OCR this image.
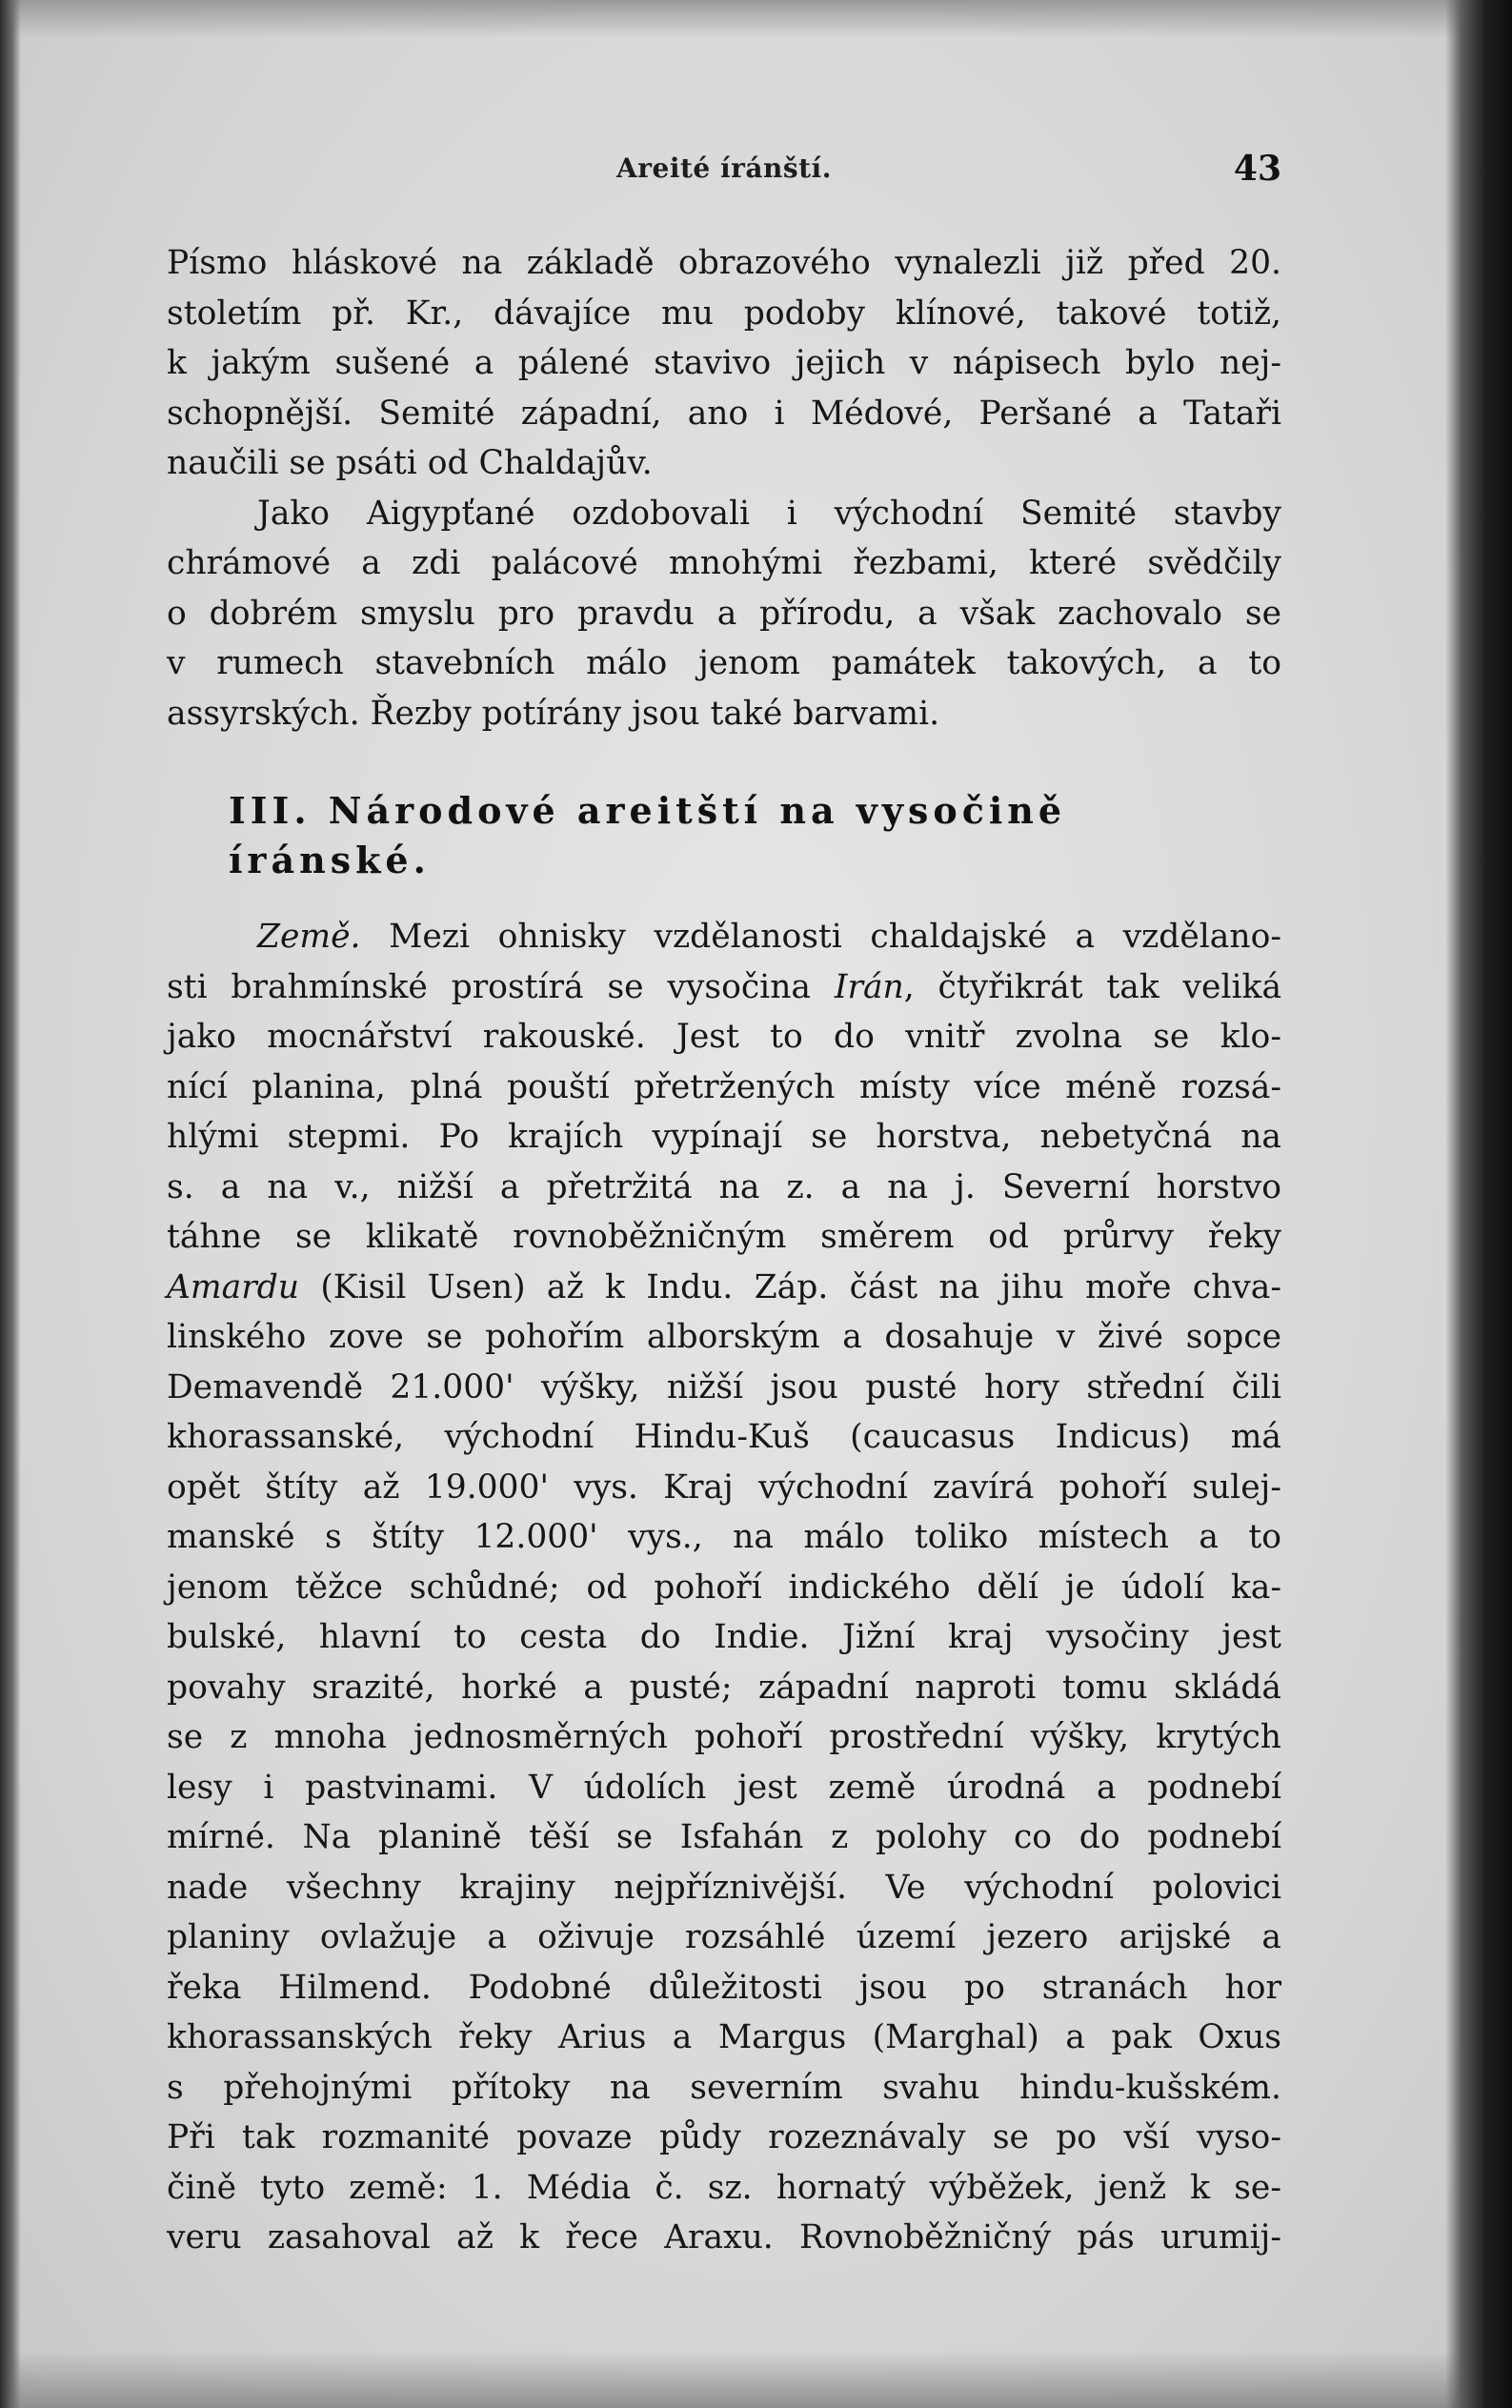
Areité íránští.	43
Písmo hláskové na základě obrazového vynalezli již před 20.
stoletím př. Kr., dávajíce mu podoby klínové, takové totiž,
k jakým sušené a pálené stavivo jejich v nápisech bylo nej-
schopnější. Semité západní, ano i Médové, Peršané a Tataři
naučili se psáti od Chaldajův.
Jako Aigypťané ozdobovali i východní Semité stavby
chrámové a zdi palácové mnohými řezbami, které svědčily
o dobrém smyslu pro pravdu a přírodu, a však zachovalo se
v rumech stavebních málo jenom památek takových, a to
assyrských. Řezby potírány jsou také barvami.
III. Národové areitští na vysočině íránské.
Země. Mezi ohnisky vzdělanosti chaldajské a vzdělano-
sti brahmínské prostírá se vysočina Irán, čtyřikrát tak veliká
jako mocnářství rakouské. Jest to do vnitř zvolna se klo-
nící planina, plná pouští přetržených místy více méně rozsá-
hlými stepmi. Po krajích vypínají se horstva, nebetyčná na
s. a na v., nižší a přetržitá na z. a na j. Severní horstvo
táhne se klikatě rovnoběžničným směrem od průrvy řeky
Amardu (Kisil Usen) až k Indu. Záp. část na jihu moře chva-
linského zove se pohořím alborským a dosahuje v živé sopce
Demavendě 21.000' výšky, nižší jsou pusté hory střední čili
khorassanské, východní Hindu-Kuš (caucasus Indicus) má
opět štíty až 19.000' vys. Kraj východní zavírá pohoří sulej-
manské s štíty 12.000' vys., na málo toliko místech a to
jenom těžce schůdné; od pohoří indického dělí je údolí ka-
bulské, hlavní to cesta do Indie. Jižní kraj vysočiny jest
povahy srazité, horké a pusté; západní naproti tomu skládá
se z mnoha jednosměrných pohoří prostřední výšky, krytých
lesy i pastvinami. V údolích jest země úrodná a podnebí
mírné. Na planině těší se Isfahán z polohy co do podnebí
nade všechny krajiny nejpříznivější. Ve východní polovici
planiny ovlažuje a oživuje rozsáhlé území jezero arijské a
řeka Hilmend. Podobné důležitosti jsou po stranách hor
khorassanských řeky Arius a Margus (Marghal) a pak Oxus
s přehojnými přítoky na severním svahu hindu-kušském.
Při tak rozmanité povaze půdy rozeznávaly se po vší vyso-
čině tyto země: 1. Média č. sz. hornatý výběžek, jenž k se-
veru zasahoval až k řece Araxu. Rovnoběžničný pás urumij-
